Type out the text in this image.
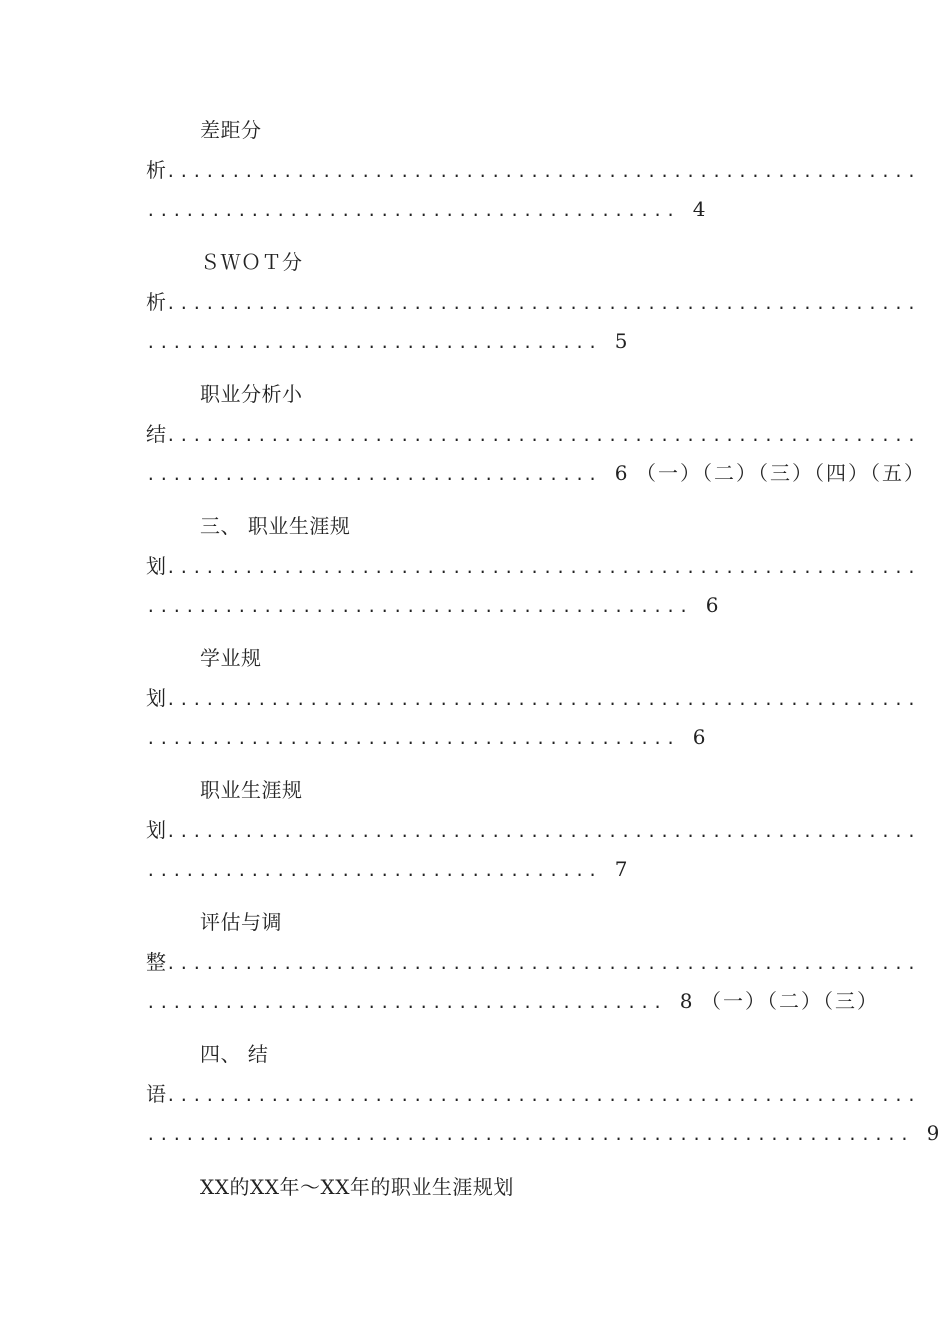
差距分
析..........................................................
......................................... 4
ＳＷＯＴ分
析..........................................................
................................... 5
职业分析小
结..........................................................
................................... 6 （一）（二）（三）（四）（五）
三、 职业生涯规
划..........................................................
.......................................... 6
学业规
划..........................................................
......................................... 6
职业生涯规
划..........................................................
................................... 7
评估与调
整..........................................................
........................................ 8 （一）（二）（三）
四、 结
语..........................................................
........................................................... 9
XX的XX年～XX年的职业生涯规划
